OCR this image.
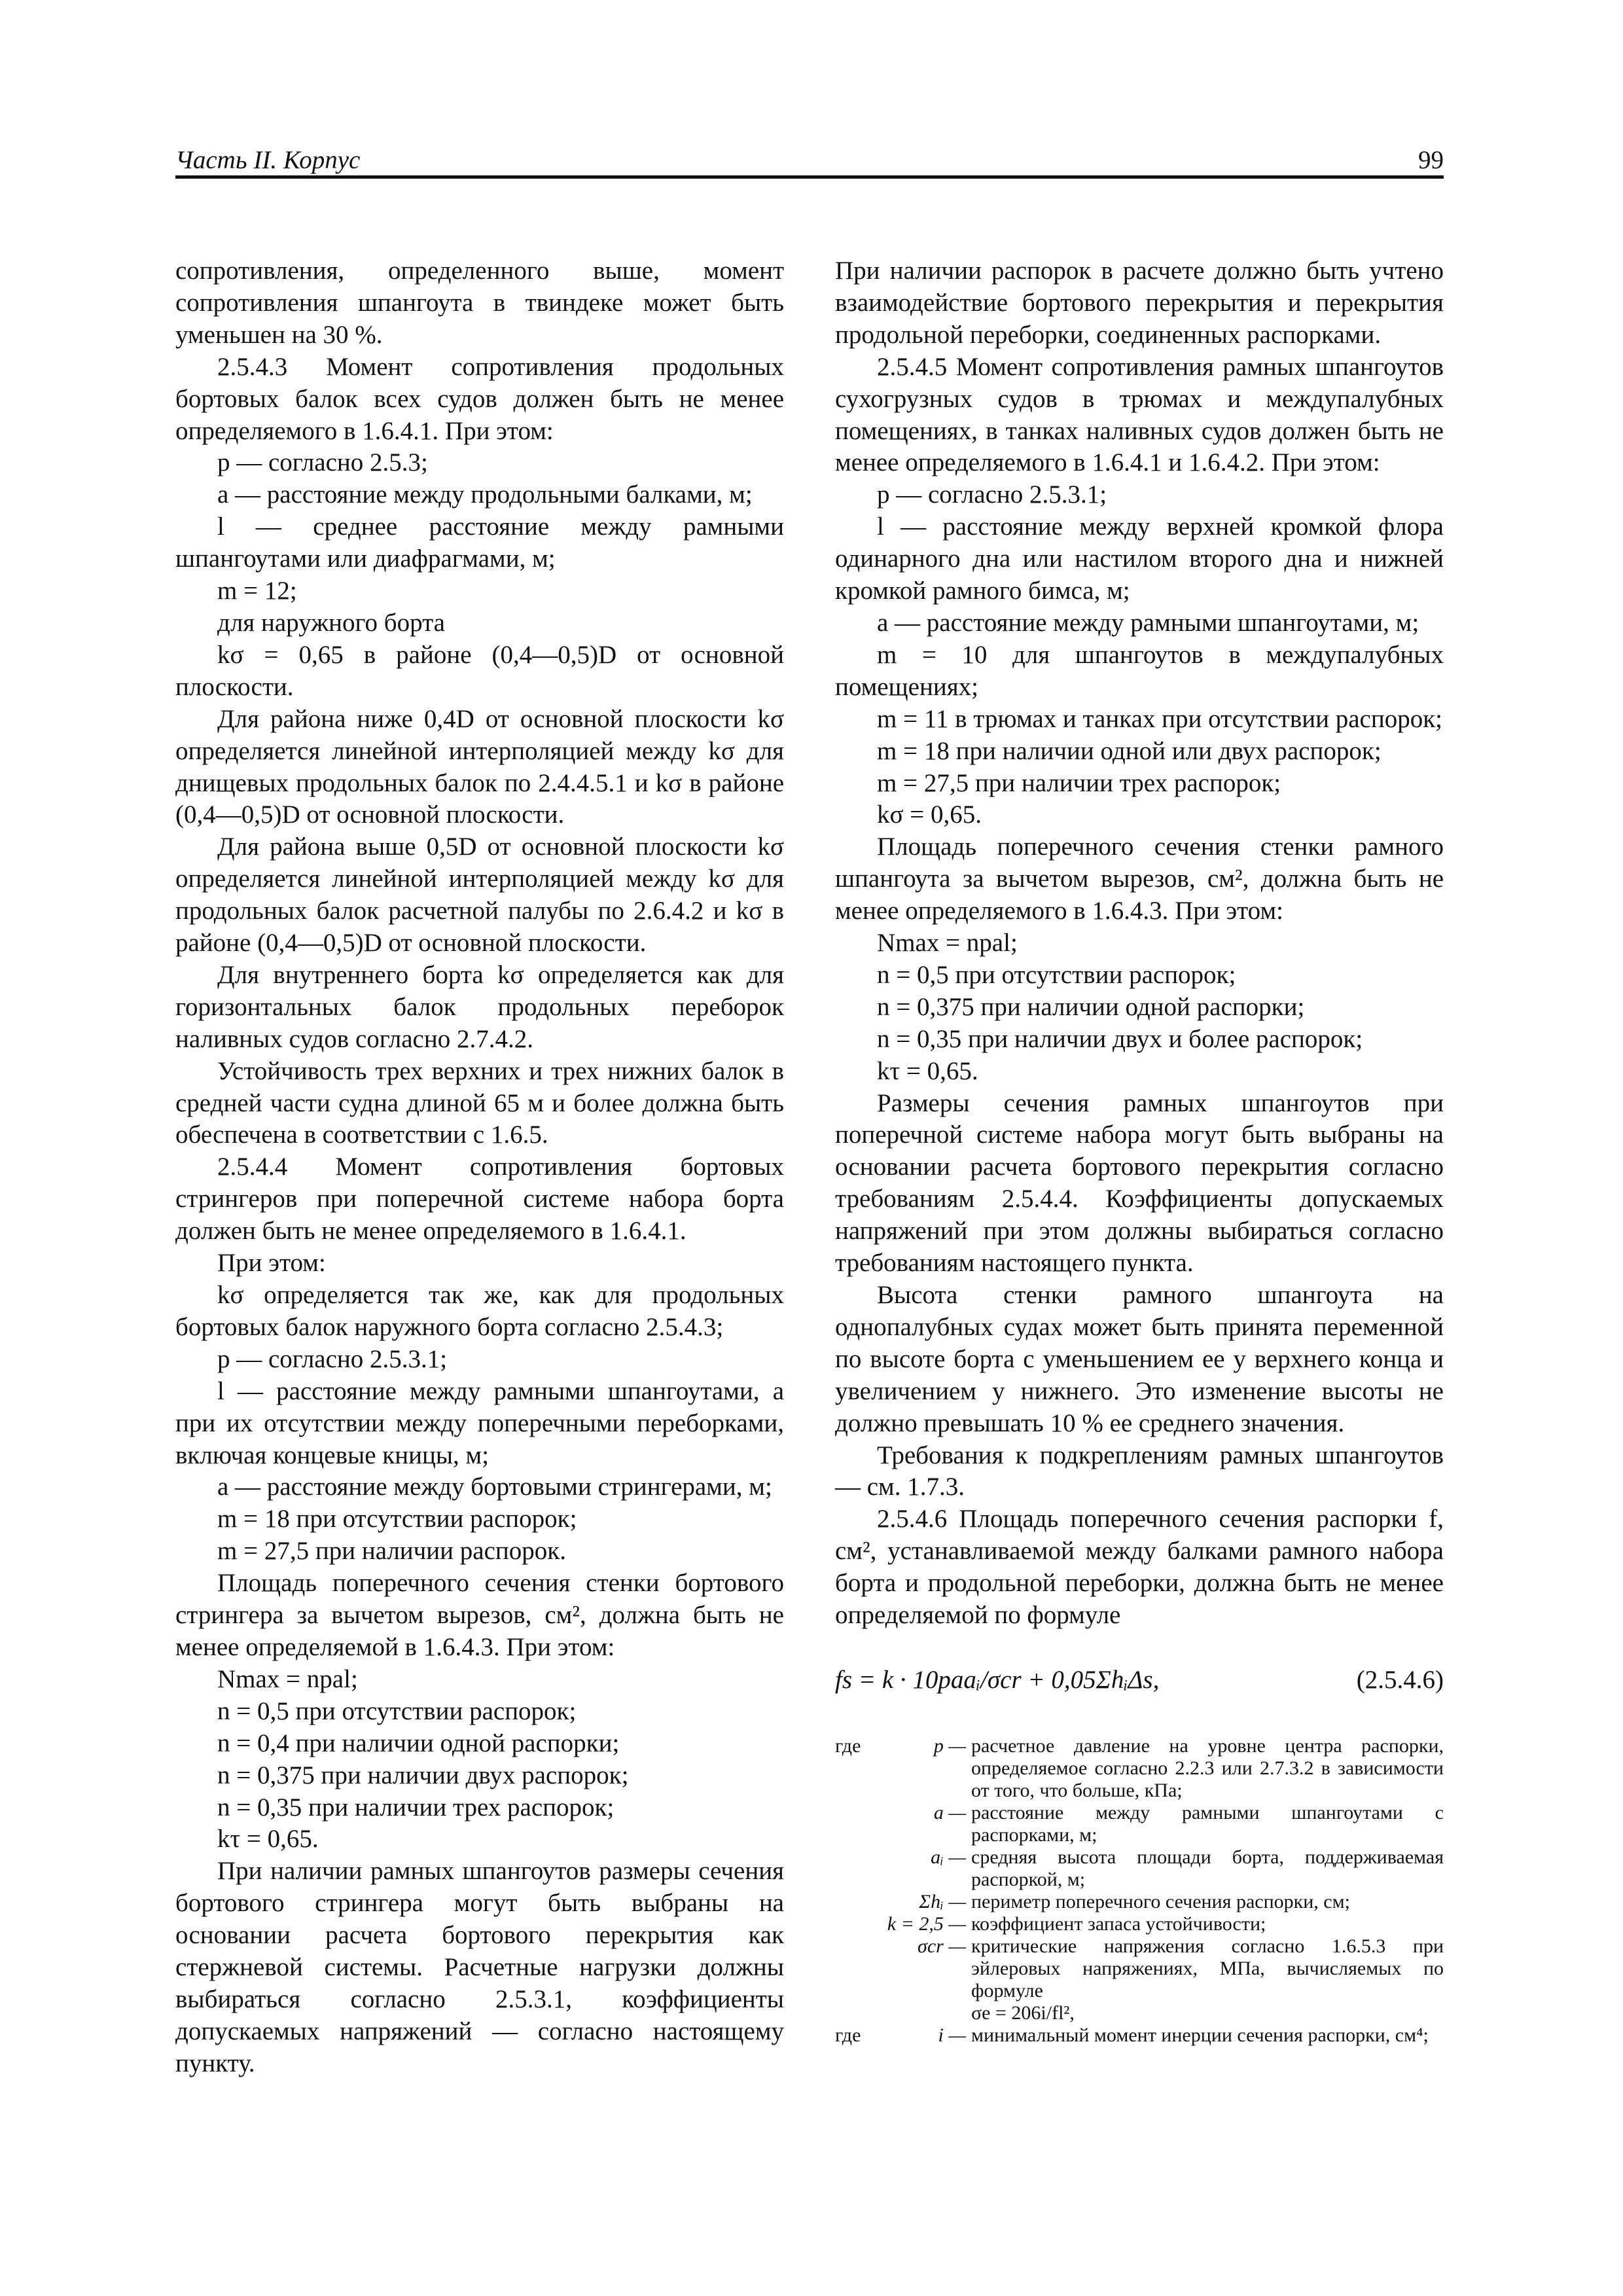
Часть II. Корпус	99

сопротивления, определенного выше, момент сопротивления шпангоута в твиндеке может быть уменьшен на 30 %.

2.5.4.3 Момент сопротивления продольных бортовых балок всех судов должен быть не менее определяемого в 1.6.4.1. При этом:

p — согласно 2.5.3;

a — расстояние между продольными балками, м;

l — среднее расстояние между рамными шпангоутами или диафрагмами, м;

m = 12;

для наружного борта

kσ = 0,65 в районе (0,4—0,5)D от основной плоскости.

Для района ниже 0,4D от основной плоскости kσ определяется линейной интерполяцией между kσ для днищевых продольных балок по 2.4.4.5.1 и kσ в районе (0,4—0,5)D от основной плоскости.

Для района выше 0,5D от основной плоскости kσ определяется линейной интерполяцией между kσ для продольных балок расчетной палубы по 2.6.4.2 и kσ в районе (0,4—0,5)D от основной плоскости.

Для внутреннего борта kσ определяется как для горизонтальных балок продольных переборок наливных судов согласно 2.7.4.2.

Устойчивость трех верхних и трех нижних балок в средней части судна длиной 65 м и более должна быть обеспечена в соответствии с 1.6.5.

2.5.4.4 Момент сопротивления бортовых стрингеров при поперечной системе набора борта должен быть не менее определяемого в 1.6.4.1.

При этом:

kσ определяется так же, как для продольных бортовых балок наружного борта согласно 2.5.4.3;

p — согласно 2.5.3.1;

l — расстояние между рамными шпангоутами, а при их отсутствии между поперечными переборками, включая концевые кницы, м;

a — расстояние между бортовыми стрингерами, м;

m = 18 при отсутствии распорок;

m = 27,5 при наличии распорок.

Площадь поперечного сечения стенки бортового стрингера за вычетом вырезов, см², должна быть не менее определяемой в 1.6.4.3. При этом:

Nmax = npal;

n = 0,5 при отсутствии распорок;

n = 0,4 при наличии одной распорки;

n = 0,375 при наличии двух распорок;

n = 0,35 при наличии трех распорок;

kτ = 0,65.

При наличии рамных шпангоутов размеры сечения бортового стрингера могут быть выбраны на основании расчета бортового перекрытия как стержневой системы. Расчетные нагрузки должны выбираться согласно 2.5.3.1, коэффициенты допускаемых напряжений — согласно настоящему пункту.

При наличии распорок в расчете должно быть учтено взаимодействие бортового перекрытия и перекрытия продольной переборки, соединенных распорками.

2.5.4.5 Момент сопротивления рамных шпангоутов сухогрузных судов в трюмах и междупалубных помещениях, в танках наливных судов должен быть не менее определяемого в 1.6.4.1 и 1.6.4.2. При этом:

p — согласно 2.5.3.1;

l — расстояние между верхней кромкой флора одинарного дна или настилом второго дна и нижней кромкой рамного бимса, м;

a — расстояние между рамными шпангоутами, м;

m = 10 для шпангоутов в междупалубных помещениях;

m = 11 в трюмах и танках при отсутствии распорок;

m = 18 при наличии одной или двух распорок;

m = 27,5 при наличии трех распорок;

kσ = 0,65.

Площадь поперечного сечения стенки рамного шпангоута за вычетом вырезов, см², должна быть не менее определяемого в 1.6.4.3. При этом:

Nmax = npal;

n = 0,5 при отсутствии распорок;

n = 0,375 при наличии одной распорки;

n = 0,35 при наличии двух и более распорок;

kτ = 0,65.

Размеры сечения рамных шпангоутов при поперечной системе набора могут быть выбраны на основании расчета бортового перекрытия согласно требованиям 2.5.4.4. Коэффициенты допускаемых напряжений при этом должны выбираться согласно требованиям настоящего пункта.

Высота стенки рамного шпангоута на однопалубных судах может быть принята переменной по высоте борта с уменьшением ее у верхнего конца и увеличением у нижнего. Это изменение высоты не должно превышать 10 % ее среднего значения.

Требования к подкреплениям рамных шпангоутов — см. 1.7.3.

2.5.4.6 Площадь поперечного сечения распорки f, см², устанавливаемой между балками рамного набора борта и продольной переборки, должна быть не менее определяемой по формуле

fs = k · 10paaᵢ/σcr + 0,05ΣhᵢΔs,	(2.5.4.6)
где	p — расчетное давление на уровне центра распорки, определяемое согласно 2.2.3 или 2.7.3.2 в зависимости от того, что больше, кПа;
a — расстояние между рамными шпангоутами с распорками, м;
aᵢ — средняя высота площади борта, поддерживаемая распоркой, м;
Σhᵢ — периметр поперечного сечения распорки, см;
k = 2,5 — коэффициент запаса устойчивости;
σcr — критические напряжения согласно 1.6.5.3 при эйлеровых напряжениях, МПа, вычисляемых по формуле
σe = 206i/fl²,
где	i — минимальный момент инерции сечения распорки, см⁴;
